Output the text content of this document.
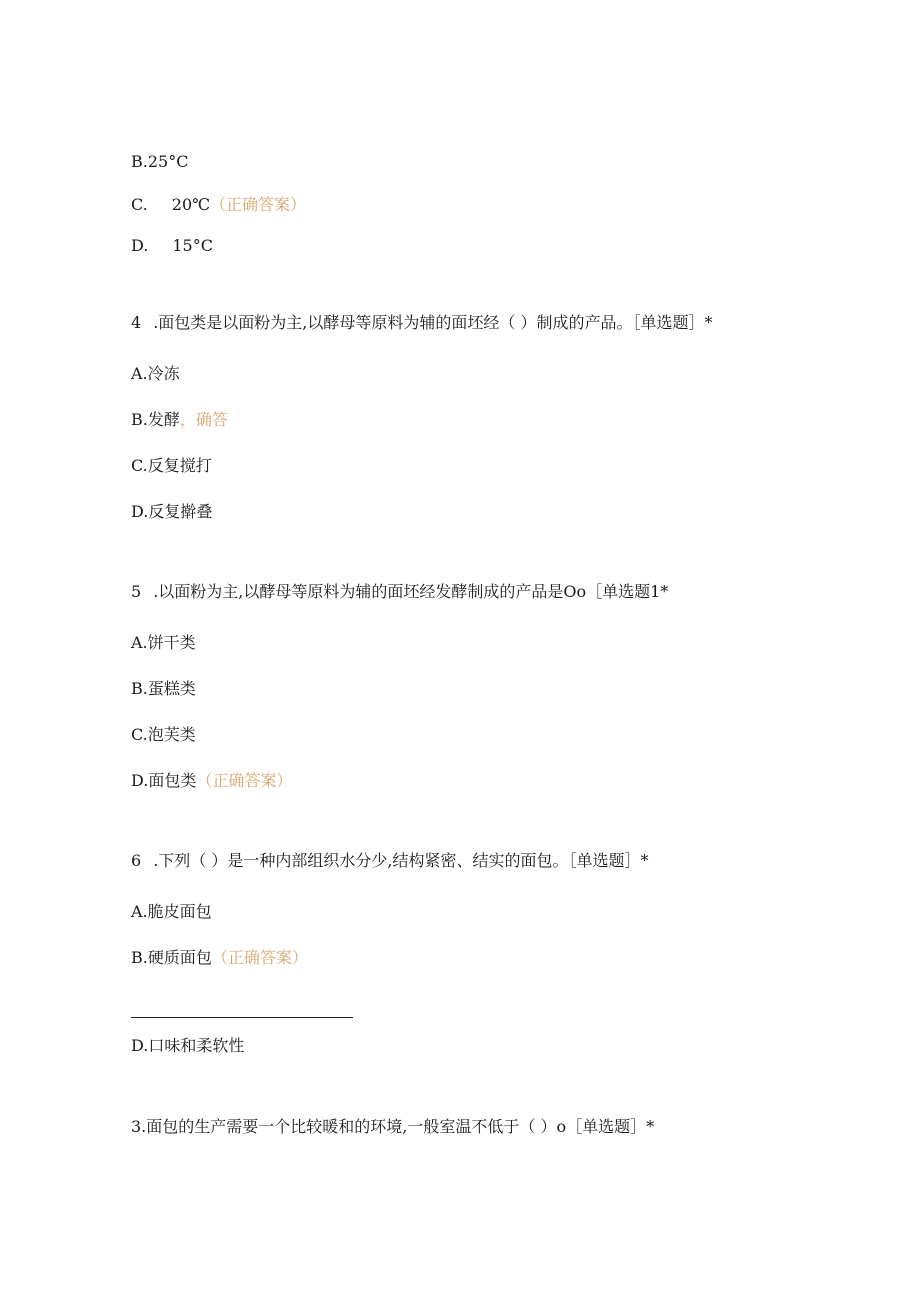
B.25°C
C. 20℃（正确答案）
D. 15°C
4 .面包类是以面粉为主,以酵母等原料为辅的面坯经（ ）制成的产品。［单选题］*
A.冷冻
B.发酵，确答
C.反复搅打
D.反复擀叠
5 .以面粉为主,以酵母等原料为辅的面坯经发酵制成的产品是Oo［单选题1*
A.饼干类
B.蛋糕类
C.泡芙类
D.面包类（正确答案）
6 .下列（ ）是一种内部组织水分少,结构紧密、结实的面包。［单选题］*
A.脆皮面包
B.硬质面包（正确答案）
D.口味和柔软性
3.面包的生产需要一个比较暖和的环境,一般室温不低于（ ）o［单选题］*
